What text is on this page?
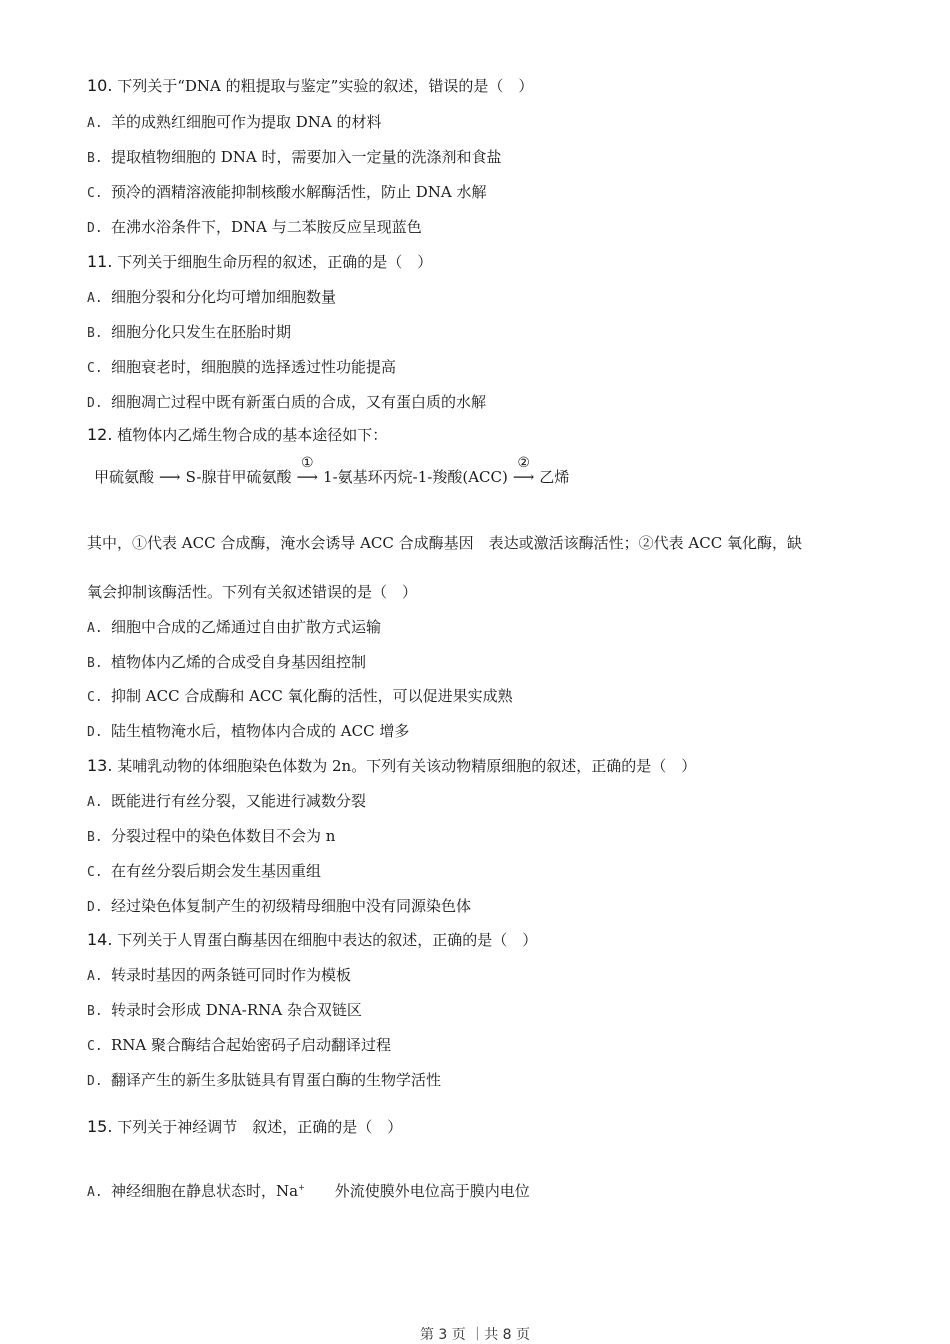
10. 下列关于“DNA 的粗提取与鉴定”实验的叙述，错误的是（　）
A. 羊的成熟红细胞可作为提取 DNA 的材料
B. 提取植物细胞的 DNA 时，需要加入一定量的洗涤剂和食盐
C. 预冷的酒精溶液能抑制核酸水解酶活性，防止 DNA 水解
D. 在沸水浴条件下，DNA 与二苯胺反应呈现蓝色
11. 下列关于细胞生命历程的叙述，正确的是（　）
A. 细胞分裂和分化均可增加细胞数量
B. 细胞分化只发生在胚胎时期
C. 细胞衰老时，细胞膜的选择透过性功能提高
D. 细胞凋亡过程中既有新蛋白质的合成，又有蛋白质的水解
12. 植物体内乙烯生物合成的基本途径如下：
甲硫氨酸 ⟶ S-腺苷甲硫氨酸
①
⟶ 1-氨基环丙烷-1-羧酸(ACC)
②
⟶ 乙烯
其中，①代表 ACC 合成酶，淹水会诱导 ACC 合成酶基因　表达或激活该酶活性；②代表 ACC 氧化酶，缺
氧会抑制该酶活性。下列有关叙述错误的是（　）
A. 细胞中合成的乙烯通过自由扩散方式运输
B. 植物体内乙烯的合成受自身基因组控制
C. 抑制 ACC 合成酶和 ACC 氧化酶的活性，可以促进果实成熟
D. 陆生植物淹水后，植物体内合成的 ACC 增多
13. 某哺乳动物的体细胞染色体数为 2n。下列有关该动物精原细胞的叙述，正确的是（　）
A. 既能进行有丝分裂，又能进行减数分裂
B. 分裂过程中的染色体数目不会为 n
C. 在有丝分裂后期会发生基因重组
D. 经过染色体复制产生的初级精母细胞中没有同源染色体
14. 下列关于人胃蛋白酶基因在细胞中表达的叙述，正确的是（　）
A. 转录时基因的两条链可同时作为模板
B. 转录时会形成 DNA-RNA 杂合双链区
C. RNA 聚合酶结合起始密码子启动翻译过程
D. 翻译产生的新生多肽链具有胃蛋白酶的生物学活性
15. 下列关于神经调节　叙述，正确的是（　）
A. 神经细胞在静息状态时，Na+　　外流使膜外电位高于膜内电位
第 3 页 ｜共 8 页
